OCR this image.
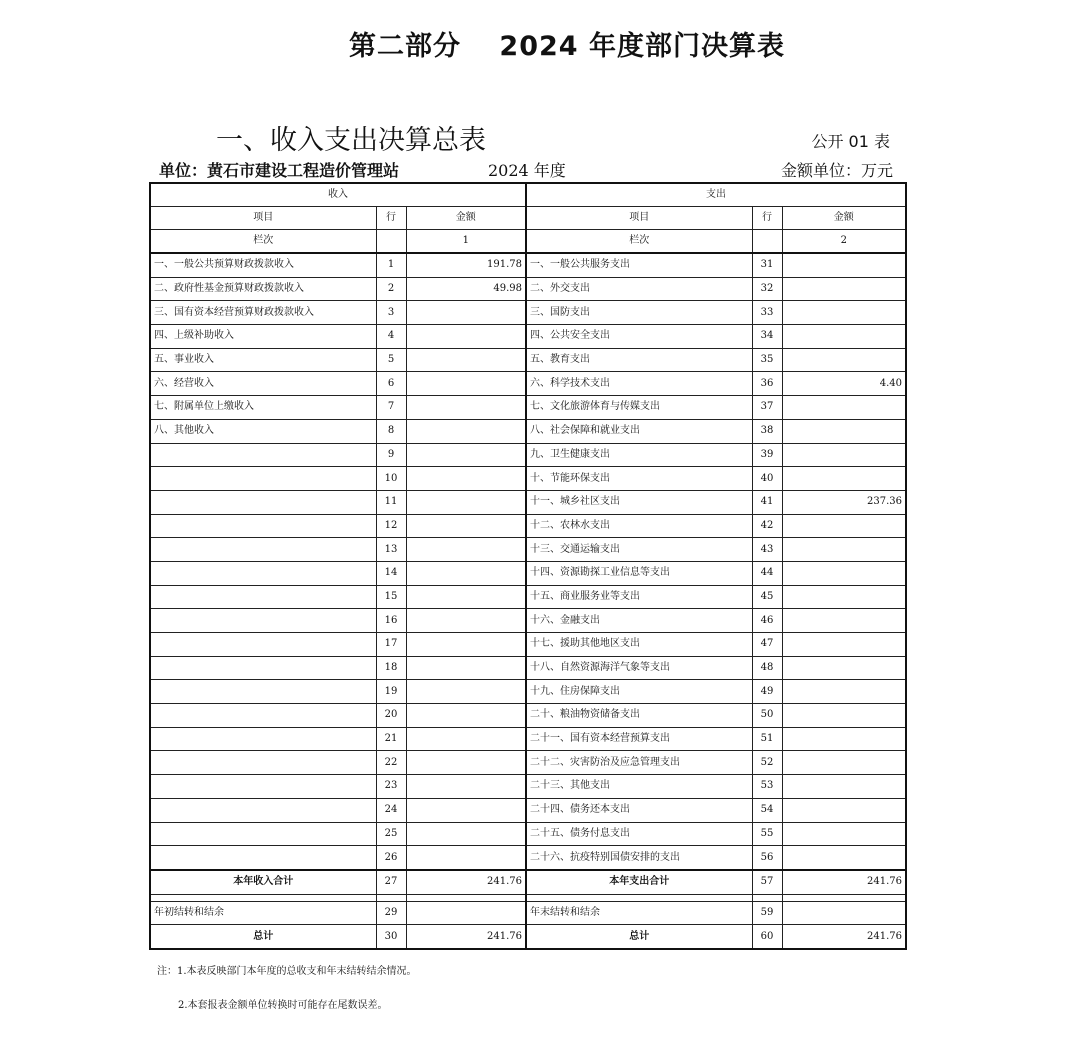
第二部分　 2024 年度部门决算表
一、收入支出决算总表	公开 01 表
单位：黄石市建设工程造价管理站	2024 年度	金额单位：万元
收入			支出		
项目	行	金额	项目	行	金额
栏次		1	栏次		2
一、一般公共预算财政拨款收入	1	191.78	一、一般公共服务支出	31	
二、政府性基金预算财政拨款收入	2	49.98	二、外交支出	32	
三、国有资本经营预算财政拨款收入	3		三、国防支出	33	
四、上级补助收入	4		四、公共安全支出	34	
五、事业收入	5		五、教育支出	35	
六、经营收入	6		六、科学技术支出	36	4.40
七、附属单位上缴收入	7		七、文化旅游体育与传媒支出	37	
八、其他收入	8		八、社会保障和就业支出	38	
	9		九、卫生健康支出	39	
	10		十、节能环保支出	40	
	11		十一、城乡社区支出	41	237.36
	12		十二、农林水支出	42	
	13		十三、交通运输支出	43	
	14		十四、资源勘探工业信息等支出	44	
	15		十五、商业服务业等支出	45	
	16		十六、金融支出	46	
	17		十七、援助其他地区支出	47	
	18		十八、自然资源海洋气象等支出	48	
	19		十九、住房保障支出	49	
	20		二十、粮油物资储备支出	50	
	21		二十一、国有资本经营预算支出	51	
	22		二十二、灾害防治及应急管理支出	52	
	23		二十三、其他支出	53	
	24		二十四、债务还本支出	54	
	25		二十五、债务付息支出	55	
	26		二十六、抗疫特别国债安排的支出	56	
本年收入合计	27	241.76	本年支出合计	57	241.76

年初结转和结余	29		年末结转和结余	59	
总计	30	241.76	总计	60	241.76
注：1.本表反映部门本年度的总收支和年末结转结余情况。
2.本套报表金额单位转换时可能存在尾数误差。
